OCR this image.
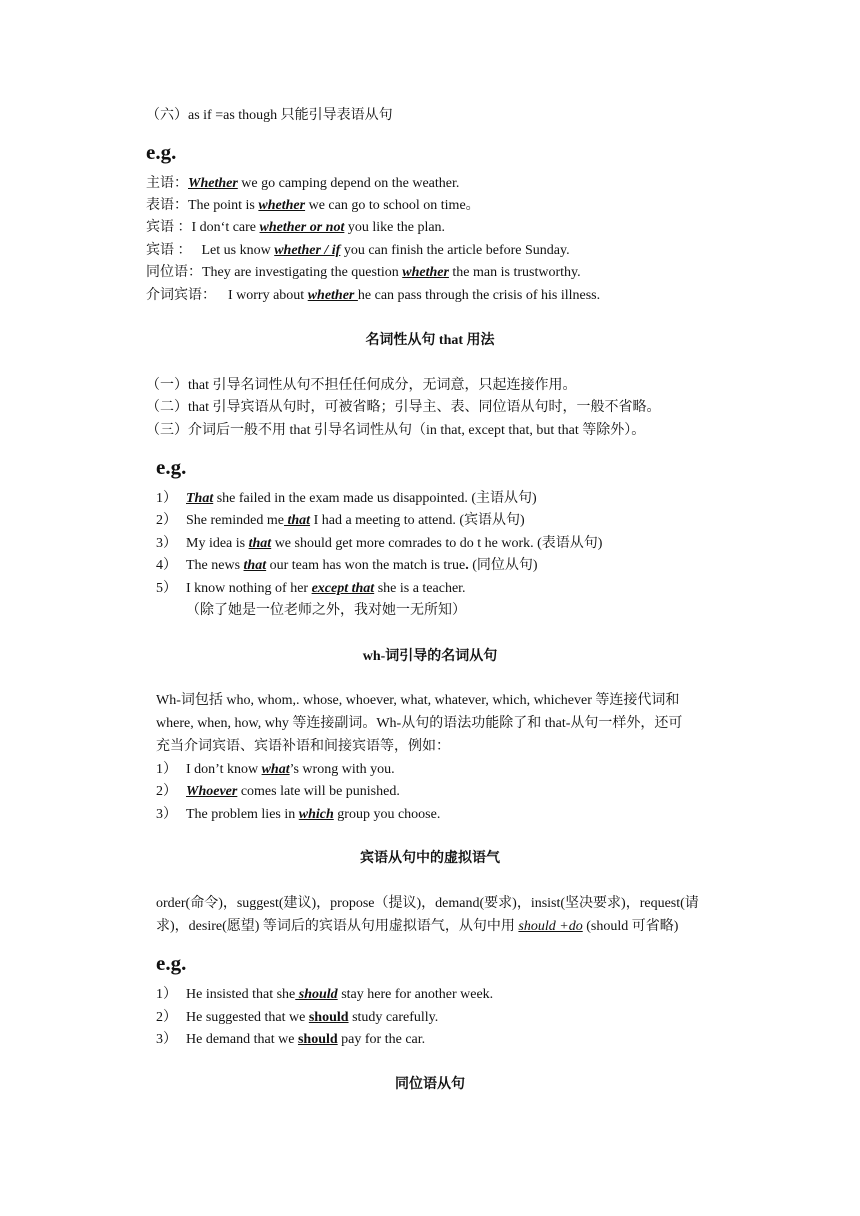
（六）as if =as though 只能引导表语从句
e.g.
主语：Whether we go camping depend on the weather.
表语：The point is whether we can go to school on time。
宾语 ：I don‘t care whether or not you like the plan.
宾语 ： Let us know whether / if you can finish the article before Sunday.
同位语：They are investigating the question whether the man is trustworthy.
介词宾语： I worry about whether he can pass through the crisis of his illness.
名词性从句 that 用法
（一）that 引导名词性从句不担任任何成分，无词意，只起连接作用。
（二）that 引导宾语从句时，可被省略；引导主、表、同位语从句时，一般不省略。
（三）介词后一般不用 that 引导名词性从句（in that, except that, but that 等除外）。
e.g.
1） That she failed in the exam made us disappointed. (主语从句)
2） She reminded me that I had a meeting to attend. (宾语从句)
3） My idea is that we should get more comrades to do t he work. (表语从句)
4） The news that our team has won the match is true. (同位从句)
5） I know nothing of her except that she is a teacher.
（除了她是一位老师之外，我对她一无所知）
wh-词引导的名词从句
Wh-词包括 who, whom,. whose, whoever, what, whatever, which, whichever 等连接代词和
where, when, how, why 等连接副词。Wh-从句的语法功能除了和 that-从句一样外，还可
充当介词宾语、宾语补语和间接宾语等，例如：
1） I don’t know what’s wrong with you.
2） Whoever comes late will be punished.
3） The problem lies in which group you choose.
宾语从句中的虚拟语气
order(命令)，suggest(建议)，propose（提议)，demand(要求)，insist(坚决要求)，request(请
求)，desire(愿望) 等词后的宾语从句用虚拟语气，从句中用 should +do (should 可省略)
e.g.
1） He insisted that she should stay here for another week.
2） He suggested that we should study carefully.
3） He demand that we should pay for the car.
同位语从句
